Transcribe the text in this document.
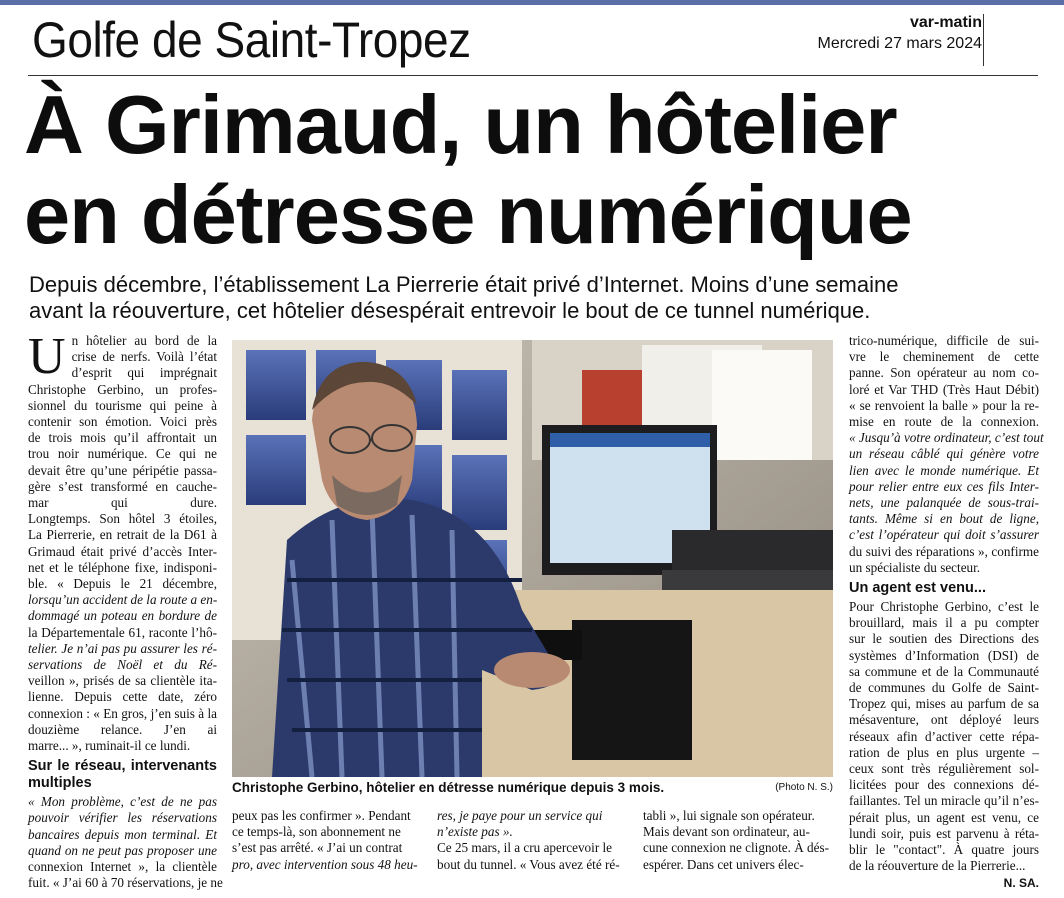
Golfe de Saint-Tropez	var-matin
Mercredi 27 mars 2024
À Grimaud, un hôtelier
en détresse numérique
Depuis décembre, l’établissement La Pierrerie était privé d’Internet. Moins d’une semaine
avant la réouverture, cet hôtelier désespérait entrevoir le bout de ce tunnel numérique.
U n hôtelier au bord de la
crise de nerfs. Voilà l’état
d’esprit qui imprégnait
Christophe Gerbino, un profes-
sionnel du tourisme qui peine à
contenir son émotion. Voici près
de trois mois qu’il affrontait un
trou noir numérique. Ce qui ne
devait être qu’une péripétie passa-
gère s’est transformé en cauche-
mar qui dure.
Longtemps. Son hôtel 3 étoiles,
La Pierrerie, en retrait de la D61 à
Grimaud était privé d’accès Inter-
net et le téléphone fixe, indisponi-
ble. « Depuis le 21 décembre,
lorsqu’un accident de la route a en-
dommagé un poteau en bordure de
la Départementale 61, raconte l’hô-
telier. Je n’ai pas pu assurer les ré-
servations de Noël et du Ré-
veillon », prisés de sa clientèle ita-
lienne. Depuis cette date, zéro
connexion : « En gros, j’en suis à la
douzième relance. J’en ai
marre... », ruminait-il ce lundi.
Sur le réseau, intervenants multiples
« Mon problème, c’est de ne pas
pouvoir vérifier les réservations
bancaires depuis mon terminal. Et
quand on ne peut pas proposer une
connexion Internet », la clientèle
fuit. « J’ai 60 à 70 réservations, je ne
Christophe Gerbino, hôtelier en détresse numérique depuis 3 mois.	(Photo N. S.)
peux pas les confirmer ». Pendant
ce temps-là, son abonnement ne
s’est pas arrêté. « J’ai un contrat
pro, avec intervention sous 48 heu-
res, je paye pour un service qui
n’existe pas ».
Ce 25 mars, il a cru apercevoir le
bout du tunnel. « Vous avez été ré-
tabli », lui signale son opérateur.
Mais devant son ordinateur, au-
cune connexion ne clignote. À dés-
espérer. Dans cet univers élec-
trico-numérique, difficile de sui-
vre le cheminement de cette
panne. Son opérateur au nom co-
loré et Var THD (Très Haut Débit)
« se renvoient la balle » pour la re-
mise en route de la connexion.
« Jusqu’à votre ordinateur, c’est tout
un réseau câblé qui génère votre
lien avec le monde numérique. Et
pour relier entre eux ces fils Inter-
nets, une palanquée de sous-trai-
tants. Même si en bout de ligne,
c’est l’opérateur qui doit s’assurer
du suivi des réparations », confirme
un spécialiste du secteur.
Un agent est venu...
Pour Christophe Gerbino, c’est le
brouillard, mais il a pu compter
sur le soutien des Directions des
systèmes d’Information (DSI) de
sa commune et de la Communauté
de communes du Golfe de Saint-
Tropez qui, mises au parfum de sa
mésaventure, ont déployé leurs
réseaux afin d’activer cette répa-
ration de plus en plus urgente –
ceux sont très régulièrement sol-
licitées pour des connexions dé-
faillantes. Tel un miracle qu’il n’es-
pérait plus, un agent est venu, ce
lundi soir, puis est parvenu à réta-
blir le "contact". À quatre jours
de la réouverture de la Pierrerie...
N. SA.
